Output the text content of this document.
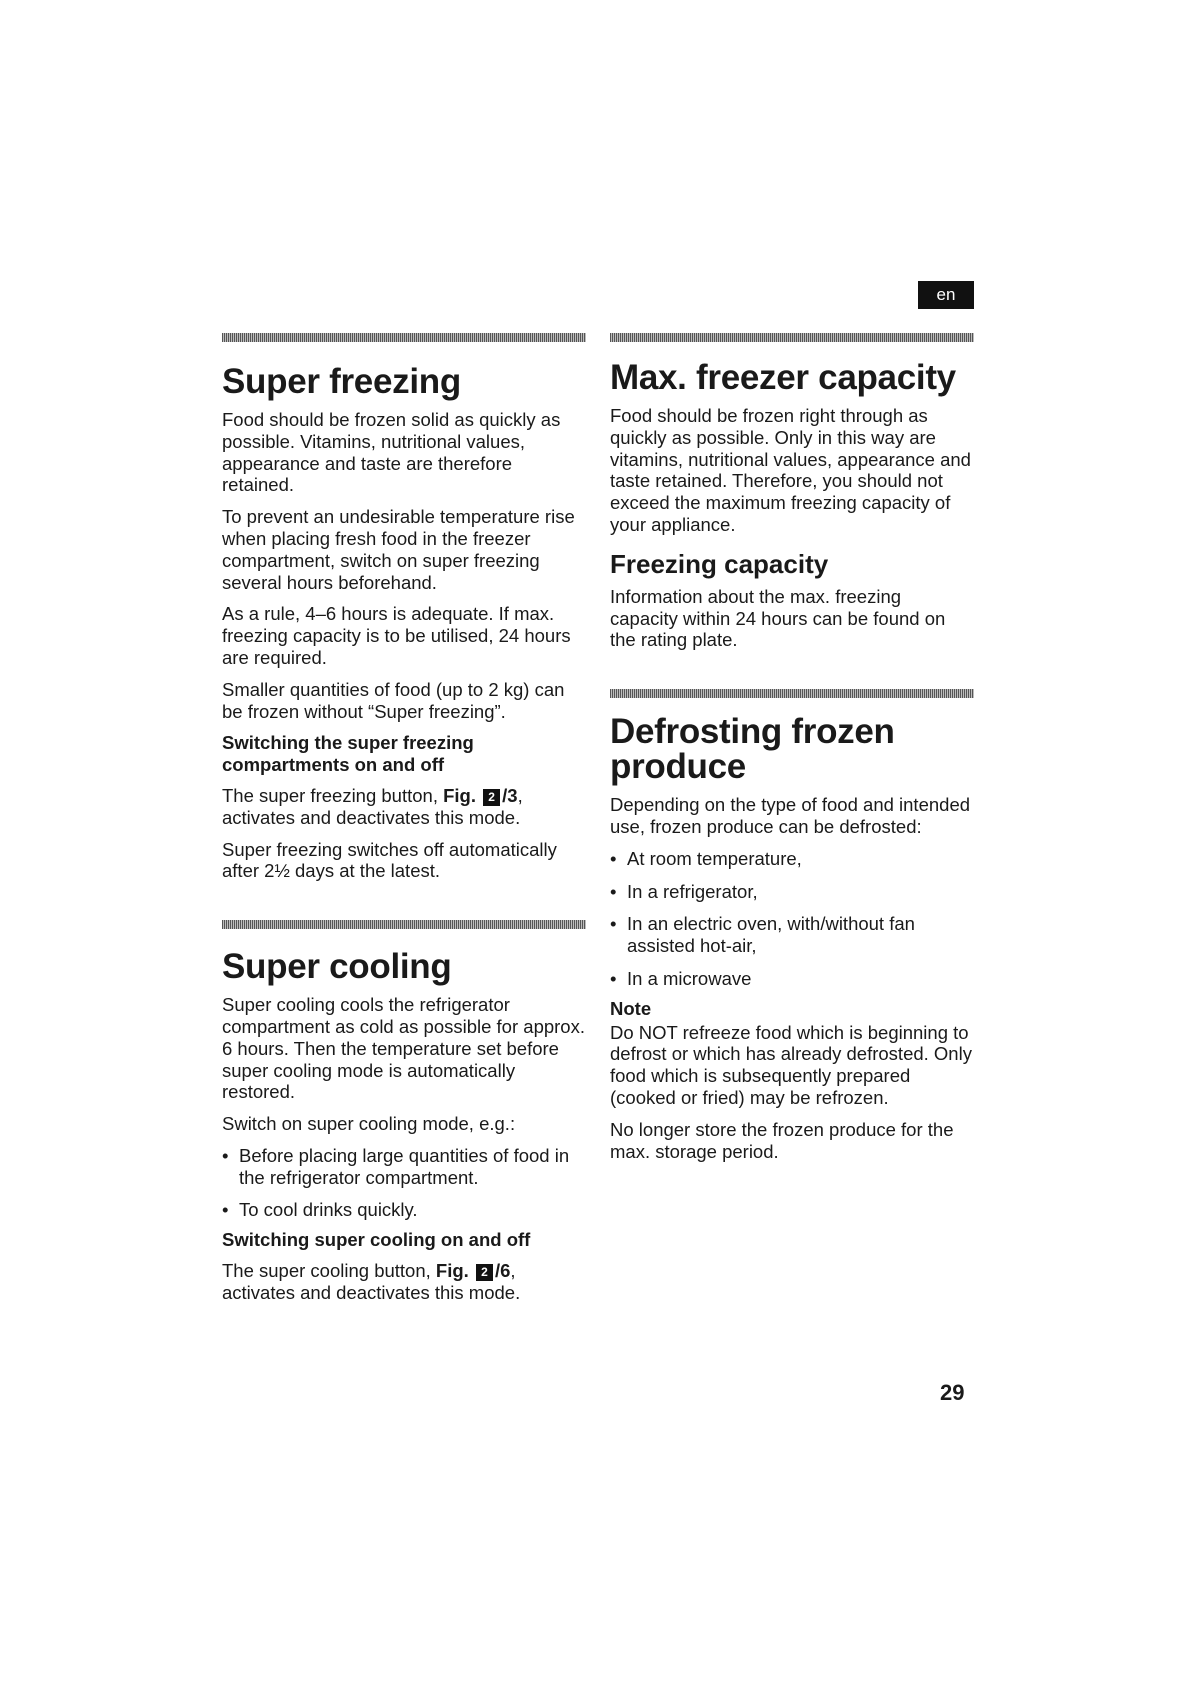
en
Super freezing

Food should be frozen solid as quickly as possible. Vitamins, nutritional values, appearance and taste are therefore retained.

To prevent an undesirable temperature rise when placing fresh food in the freezer compartment, switch on super freezing several hours beforehand.

As a rule, 4–6 hours is adequate. If max. freezing capacity is to be utilised, 24 hours are required.

Smaller quantities of food (up to 2 kg) can be frozen without “Super freezing”.

Switching the super freezing compartments on and off

The super freezing button, Fig. 2 /3, activates and deactivates this mode.

Super freezing switches off automatically after 2½ days at the latest.

Super cooling

Super cooling cools the refrigerator compartment as cold as possible for approx. 6 hours. Then the temperature set before super cooling mode is automatically restored.

Switch on super cooling mode, e.g.:

• Before placing large quantities of food in the refrigerator compartment.
• To cool drinks quickly.
Switching super cooling on and off

The super cooling button, Fig. 2 /6, activates and deactivates this mode.

Max. freezer capacity

Food should be frozen right through as quickly as possible. Only in this way are vitamins, nutritional values, appearance and taste retained. Therefore, you should not exceed the maximum freezing capacity of your appliance.

Freezing capacity

Information about the max. freezing capacity within 24 hours can be found on the rating plate.

Defrosting frozen produce

Depending on the type of food and intended use, frozen produce can be defrosted:

• At room temperature,
• In a refrigerator,
• In an electric oven, with/without fan assisted hot-air,
• In a microwave
Note

Do NOT refreeze food which is beginning to defrost or which has already defrosted. Only food which is subsequently prepared (cooked or fried) may be refrozen.

No longer store the frozen produce for the max. storage period.

29
